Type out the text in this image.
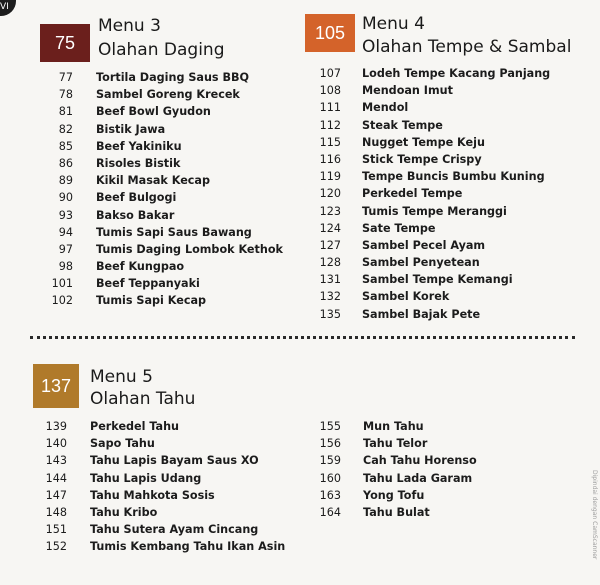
VI
75
Menu 3
Olahan Daging
77 Tortila Daging Saus BBQ
78 Sambel Goreng Krecek
81 Beef Bowl Gyudon
82 Bistik Jawa
85 Beef Yakiniku
86 Risoles Bistik
89 Kikil Masak Kecap
90 Beef Bulgogi
93 Bakso Bakar
94 Tumis Sapi Saus Bawang
97 Tumis Daging Lombok Kethok
98 Beef Kungpao
101 Beef Teppanyaki
102 Tumis Sapi Kecap
105 Menu 4
Olahan Tempe & Sambal
107 Lodeh Tempe Kacang Panjang
108 Mendoan Imut
111 Mendol
112 Steak Tempe
115 Nugget Tempe Keju
116 Stick Tempe Crispy
119 Tempe Buncis Bumbu Kuning
120 Perkedel Tempe
123 Tumis Tempe Meranggi
124 Sate Tempe
127 Sambel Pecel Ayam
128 Sambel Penyetean
131 Sambel Tempe Kemangi
132 Sambel Korek
135 Sambel Bajak Pete
137	Menu 5
Olahan Tahu
139 Perkedel Tahu
140 Sapo Tahu
143 Tahu Lapis Bayam Saus XO
144 Tahu Lapis Udang
147 Tahu Mahkota Sosis
148 Tahu Kribo
151 Tahu Sutera Ayam Cincang
152 Tumis Kembang Tahu Ikan Asin
155 Mun Tahu
156 Tahu Telor
159 Cah Tahu Horenso
160 Tahu Lada Garam
163 Yong Tofu
164 Tahu Bulat	Dipindai dengan CamScanner
